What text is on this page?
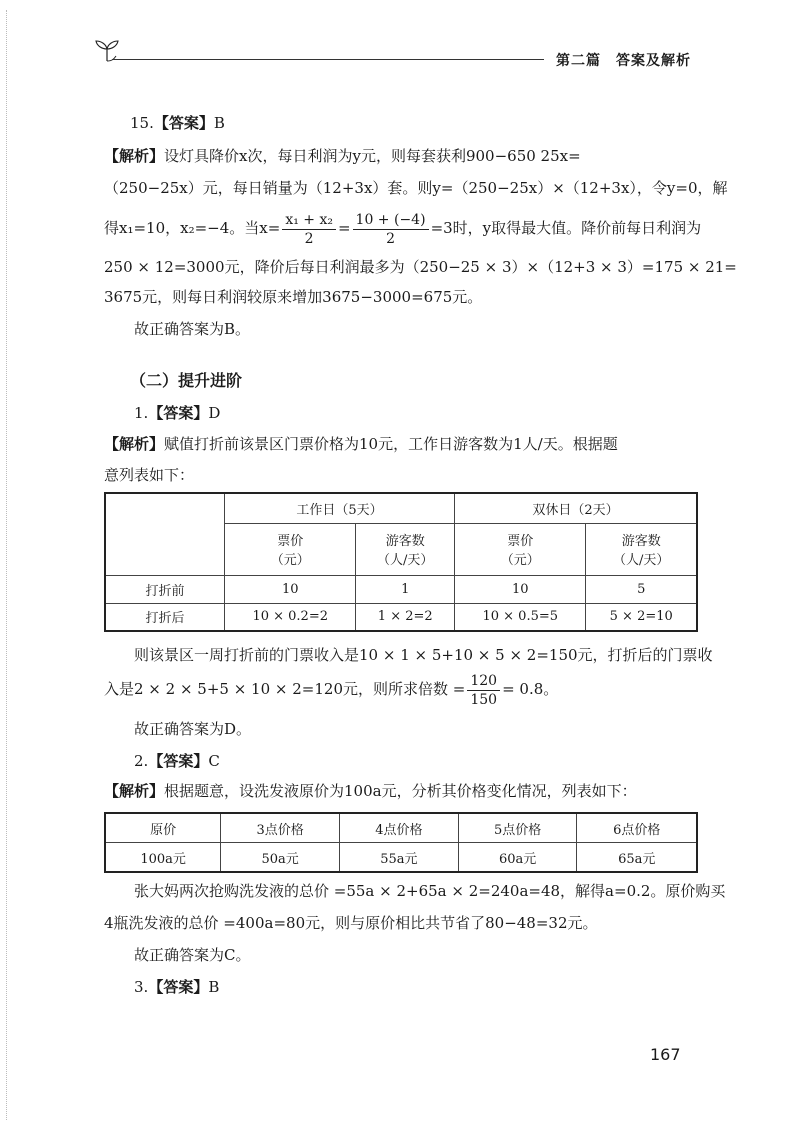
第二篇　答案及解析
15.【答案】B
【解析】设灯具降价x次，每日利润为y元，则每套获利900−650 25x=
（250−25x）元，每日销量为（12+3x）套。则y=（250−25x）×（12+3x），令y=0，解
得x₁=10，x₂=−4。当$x= \frac{\text{x₁ + x₂}}{2} = \frac{10 + (-4)}{2} =3$时，y取得最大值。降价前每日利润为
250 × 12=3000元，降价后每日利润最多为（250−25 × 3）×（12+3 × 3）=175 × 21=
3675元，则每日利润较原来增加3675−3000=675元。
故正确答案为B。
（二）提升进阶
1.【答案】D
【解析】赋值打折前该景区门票价格为10元，工作日游客数为1人/天。根据题
意列表如下：
	工作日（5天）		双休日（2天）	
	票价
（元）	游客数
（人/天）	票价
（元）	游客数
（人/天）
打折前	10	1	10	5
打折后	10 × 0.2=2	1 × 2=2	10 × 0.5=5	5 × 2=10
则该景区一周打折前的门票收入是10 × 1 × 5+10 × 5 × 2=150元，打折后的门票收
入是2 × 2 × 5+5 × 10 × 2=120元，则所求倍数 = $\frac{120}{150} = 0.8$。
故正确答案为D。
2.【答案】C
【解析】根据题意，设洗发液原价为100a元，分析其价格变化情况，列表如下：
原价	3点价格	4点价格	5点价格	6点价格
100a元	50a元	55a元	60a元	65a元
张大妈两次抢购洗发液的总价 =55a × 2+65a × 2=240a=48，解得a=0.2。原价购买
4瓶洗发液的总价 =400a=80元，则与原价相比共节省了80−48=32元。
故正确答案为C。
3.【答案】B
167
